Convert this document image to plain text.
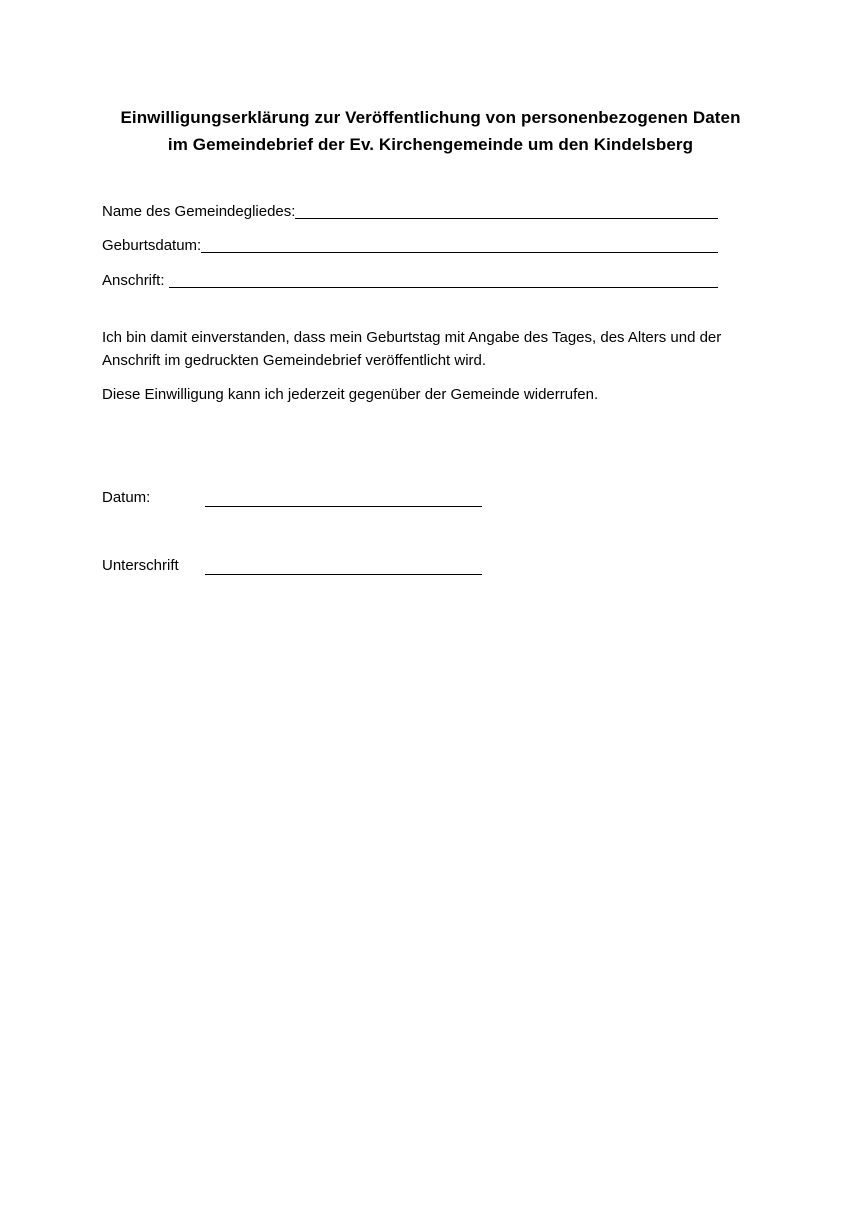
Einwilligungserklärung zur Veröffentlichung von personenbezogenen Daten
im Gemeindebrief der Ev. Kirchengemeinde um den Kindelsberg
Name des Gemeindegliedes:
Geburtsdatum:
Anschrift:
Ich bin damit einverstanden, dass mein Geburtstag mit Angabe des Tages, des Alters und der Anschrift im gedruckten Gemeindebrief veröffentlicht wird.
Diese Einwilligung kann ich jederzeit gegenüber der Gemeinde widerrufen.
Datum:
Unterschrift
